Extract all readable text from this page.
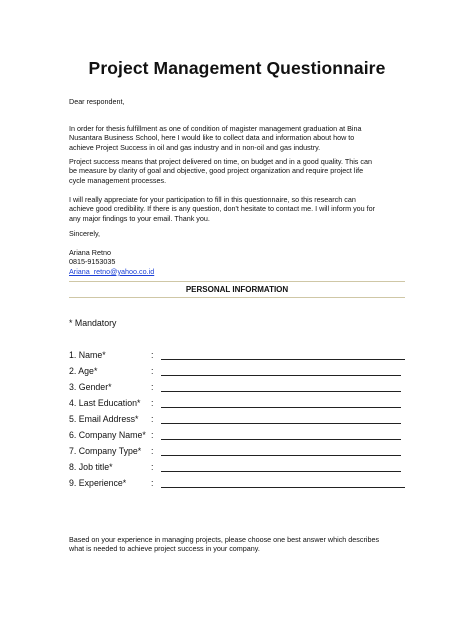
Project Management Questionnaire
Dear respondent,
In order for thesis fulfillment as one of condition of magister management graduation at Bina
Nusantara Business School, here I would like to collect data and information about how to
achieve Project Success in oil and gas industry and in non-oil and gas industry.
Project success means that project delivered on time, on budget and in a good quality. This can
be measure by clarity of goal and objective, good project organization and require project life
cycle management processes.
I will really appreciate for your participation to fill in this questionnaire, so this research can
achieve good credibility. If there is any question, don't hesitate to contact me. I will inform you for
any major findings to your email. Thank you.
Sincerely,
Ariana Retno
0815-9153035
Ariana_retno@yahoo.co.id
PERSONAL INFORMATION
* Mandatory
1. Name*	:
2. Age*	:
3. Gender*	:
4. Last Education* :
5. Email Address* :
6. Company Name* :
7. Company Type* :
8. Job title*	:
9. Experience*	:
Based on your experience in managing projects, please choose one best answer which describes
what is needed to achieve project success in your company.
